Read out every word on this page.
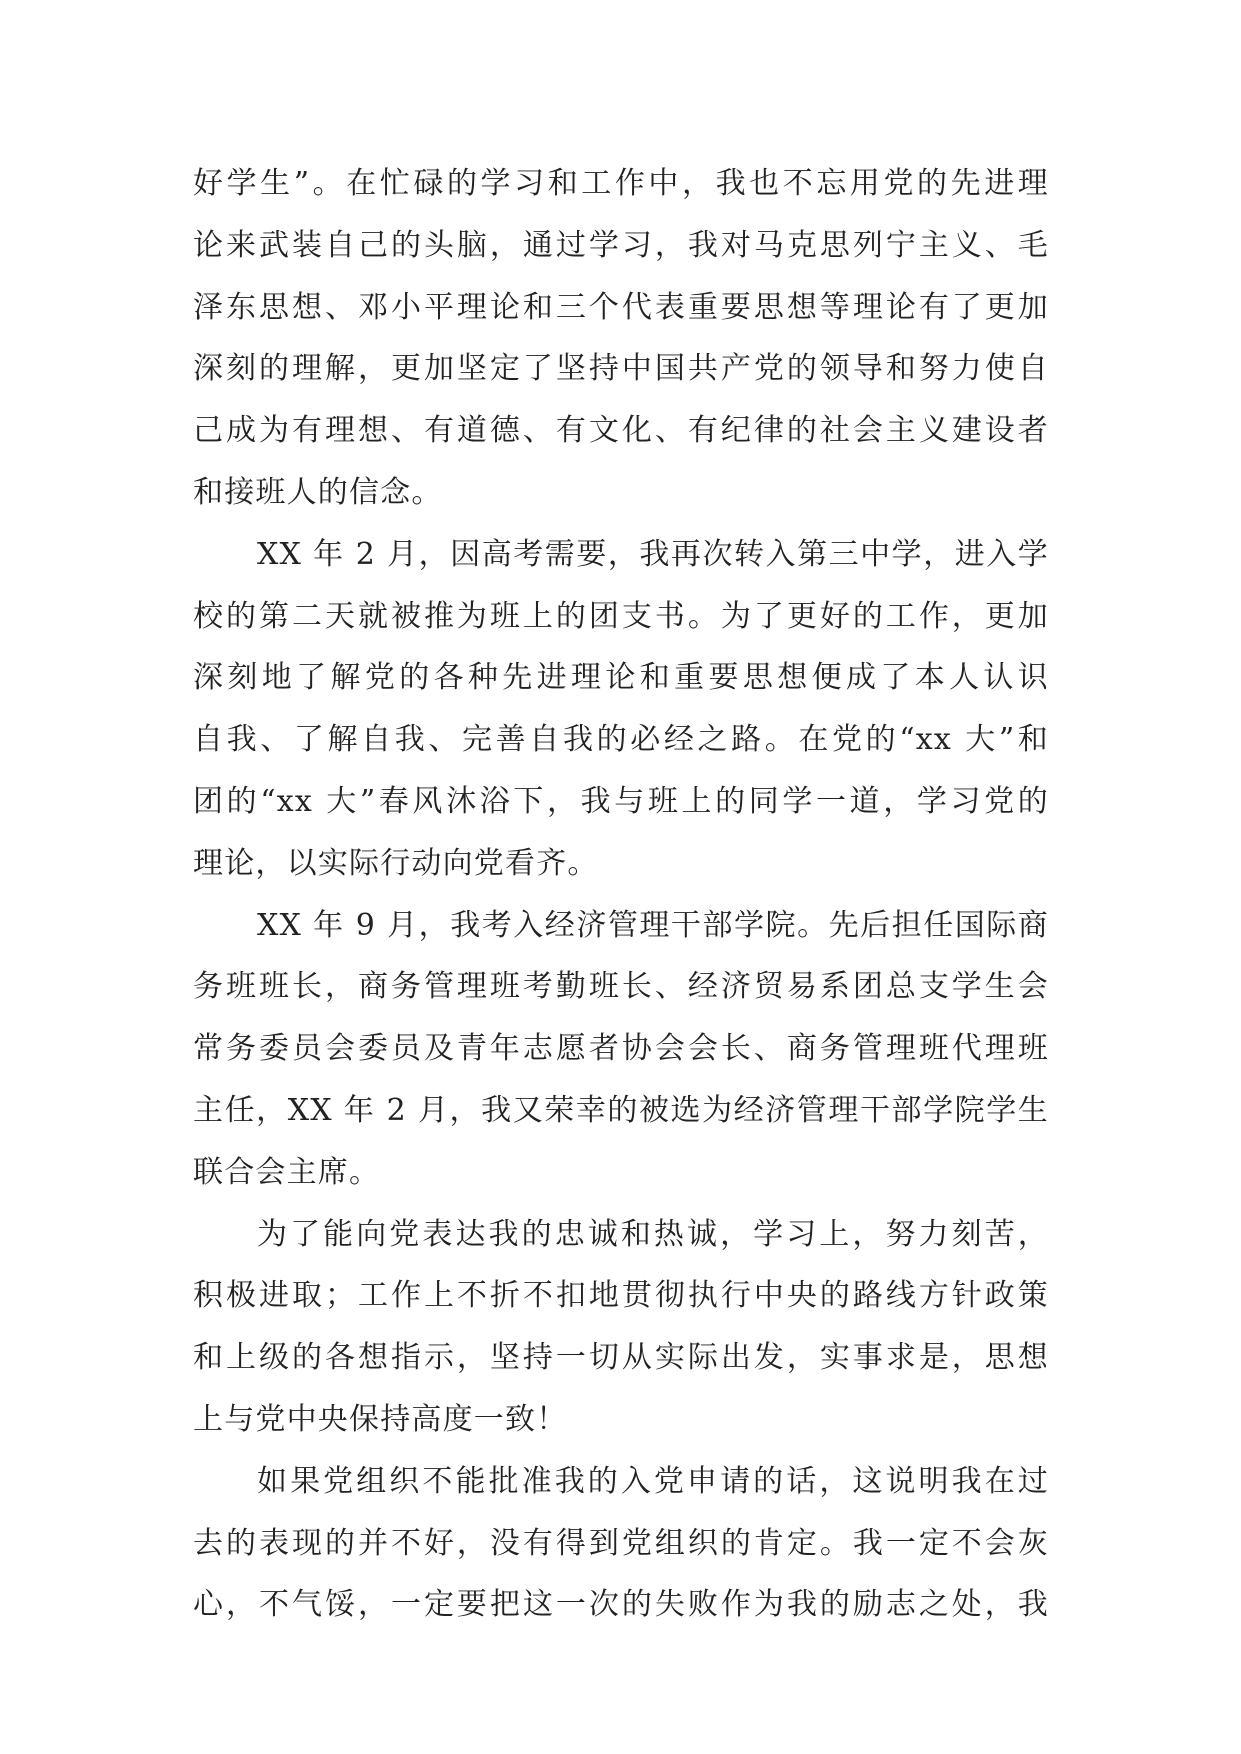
好学生”。在忙碌的学习和工作中，我也不忘用党的先进理
论来武装自己的头脑，通过学习，我对马克思列宁主义、毛
泽东思想、邓小平理论和三个代表重要思想等理论有了更加
深刻的理解，更加坚定了坚持中国共产党的领导和努力使自
己成为有理想、有道德、有文化、有纪律的社会主义建设者
和接班人的信念。
XX 年 2 月，因高考需要，我再次转入第三中学，进入学
校的第二天就被推为班上的团支书。为了更好的工作，更加
深刻地了解党的各种先进理论和重要思想便成了本人认识
自我、了解自我、完善自我的必经之路。在党的“xx 大”和
团的“xx 大”春风沐浴下，我与班上的同学一道，学习党的
理论，以实际行动向党看齐。
XX 年 9 月，我考入经济管理干部学院。先后担任国际商
务班班长，商务管理班考勤班长、经济贸易系团总支学生会
常务委员会委员及青年志愿者协会会长、商务管理班代理班
主任，XX 年 2 月，我又荣幸的被选为经济管理干部学院学生
联合会主席。
为了能向党表达我的忠诚和热诚，学习上，努力刻苦，
积极进取；工作上不折不扣地贯彻执行中央的路线方针政策
和上级的各想指示，坚持一切从实际出发，实事求是，思想
上与党中央保持高度一致！
如果党组织不能批准我的入党申请的话，这说明我在过
去的表现的并不好，没有得到党组织的肯定。我一定不会灰
心，不气馁，一定要把这一次的失败作为我的励志之处，我
